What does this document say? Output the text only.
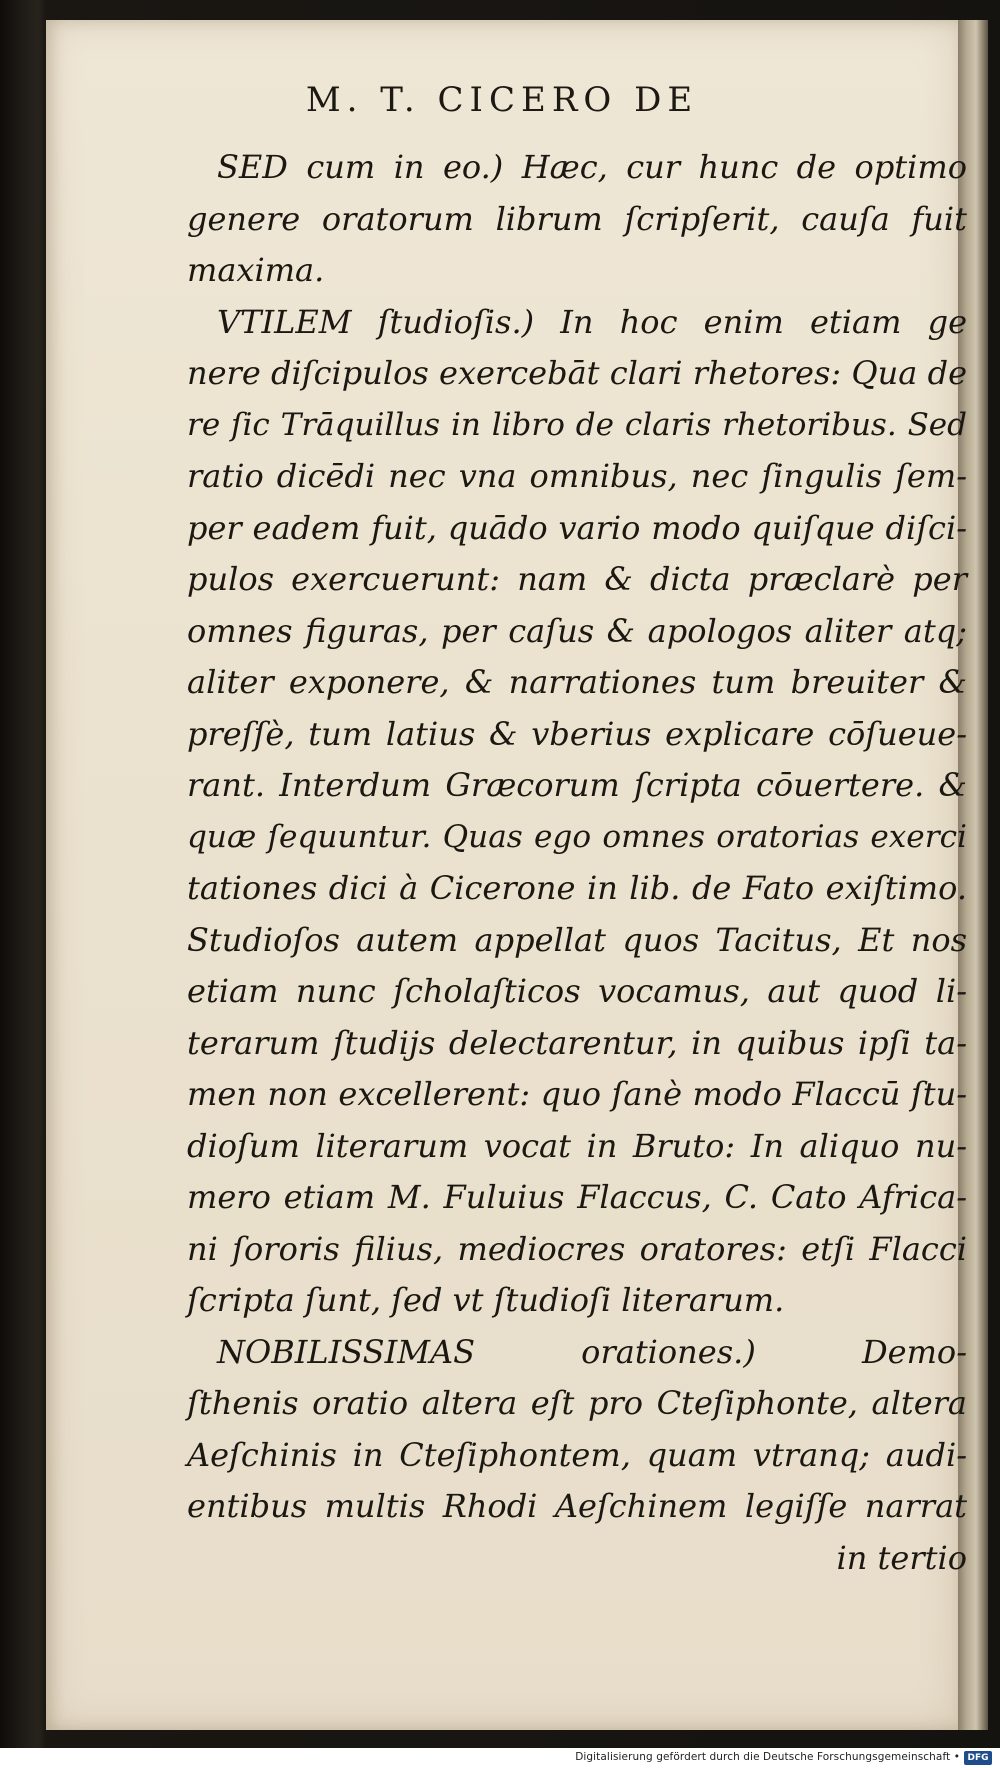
M. T. CICERO DE
SED cum in eo.) Hæc, cur hunc de optimo
genere oratorum librum ſcripſerit, cauſa fuit
maxima.
VTILEM ſtudioſis.) In hoc enim etiam ge
nere diſcipulos exercebāt clari rhetores: Qua de
re ſic Trāquillus in libro de claris rhetoribus. Sed
ratio dicēdi nec vna omnibus, nec ſingulis ſem-
per eadem fuit, quādo vario modo quiſque diſci-
pulos exercuerunt: nam & dicta præclarè per
omnes figuras, per caſus & apologos aliter atq;
aliter exponere, & narrationes tum breuiter &
preſſè, tum latius & vberius explicare cōſueue-
rant. Interdum Græcorum ſcripta cōuertere. &
quæ ſequuntur. Quas ego omnes oratorias exerci
tationes dici à Cicerone in lib. de Fato exiſtimo.
Studioſos autem appellat quos Tacitus, Et nos
etiam nunc ſcholaſticos vocamus, aut quod li-
terarum ſtudijs delectarentur, in quibus ipſi ta-
men non excellerent: quo ſanè modo Flaccū ſtu-
dioſum literarum vocat in Bruto: In aliquo nu-
mero etiam M. Fuluius Flaccus, C. Cato Africa-
ni ſororis filius, mediocres oratores: etſi Flacci
ſcripta ſunt, ſed vt ſtudioſi literarum.
NOBILISSIMAS orationes.) Demo-
ſthenis oratio altera eſt pro Cteſiphonte, altera
Aeſchinis in Cteſiphontem, quam vtranq; audi-
entibus multis Rhodi Aeſchinem legiſſe narrat
in tertio
Digitalisierung gefördert durch die Deutsche Forschungsgemeinschaft • DFG
